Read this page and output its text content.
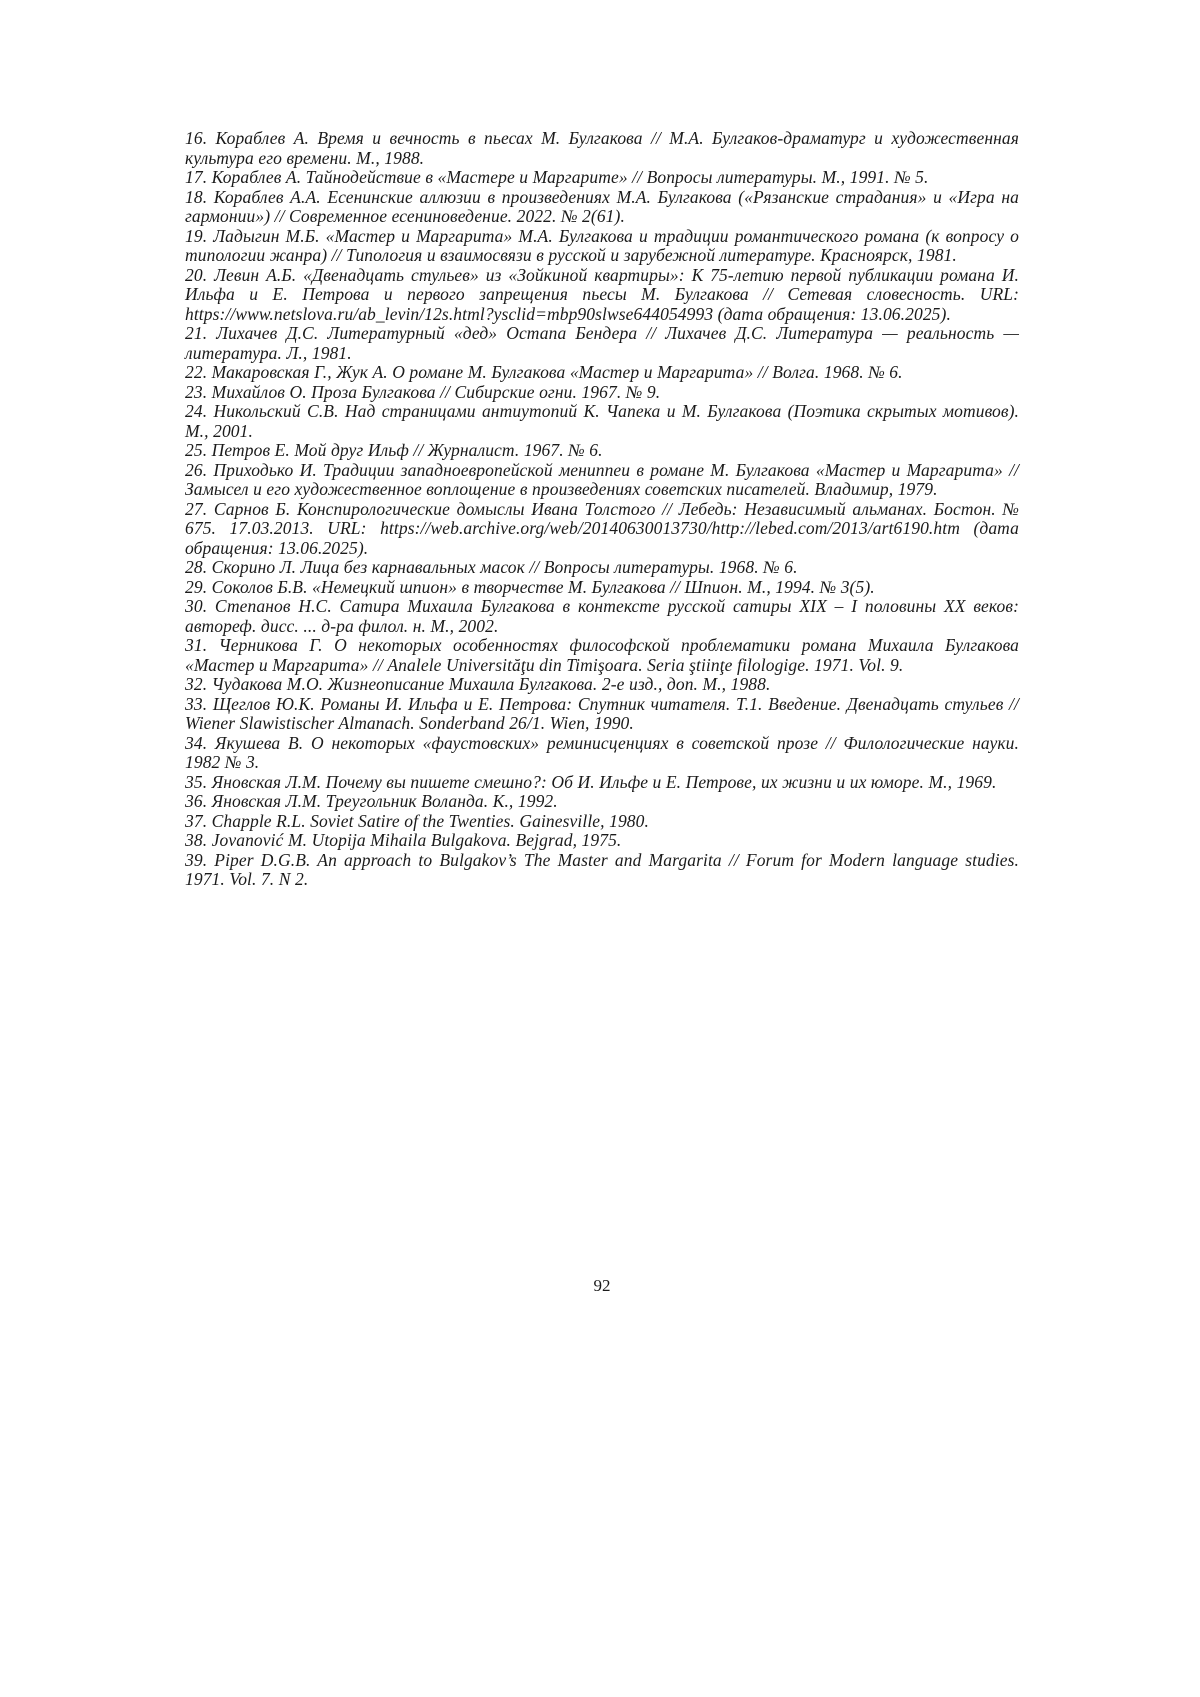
16. Кораблев А. Время и вечность в пьесах М. Булгакова // М.А. Булгаков-драматург и художественная культура его времени. М., 1988.

17. Кораблев А. Тайнодействие в «Мастере и Маргарите» // Вопросы литературы. М., 1991. № 5.

18. Кораблев А.А. Есенинские аллюзии в произведениях М.А. Булгакова («Рязанские страдания» и «Игра на гармонии») // Современное есениноведение. 2022. № 2(61).

19. Ладыгин М.Б. «Мастер и Маргарита» М.А. Булгакова и традиции романтического романа (к вопросу о типологии жанра) // Типология и взаимосвязи в русской и зарубежной литературе. Красноярск, 1981.

20. Левин А.Б. «Двенадцать стульев» из «Зойкиной квартиры»: К 75-летию первой публикации романа И. Ильфа и Е. Петрова и первого запрещения пьесы М. Булгакова // Сетевая словесность. URL: https://www.netslova.ru/ab_levin/12s.html?ysclid=mbp90slwse644054993 (дата обращения: 13.06.2025).

21. Лихачев Д.С. Литературный «дед» Остапа Бендера // Лихачев Д.С. Литература — реальность — литература. Л., 1981.

22. Макаровская Г., Жук А. О романе М. Булгакова «Мастер и Маргарита» // Волга. 1968. № 6.

23. Михайлов О. Проза Булгакова // Сибирские огни. 1967. № 9.

24. Никольский С.В. Над страницами антиутопий К. Чапека и М. Булгакова (Поэтика скрытых мотивов). М., 2001.

25. Петров Е. Мой друг Ильф // Журналист. 1967. № 6.

26. Приходько И. Традиции западноевропейской мениппеи в романе М. Булгакова «Мастер и Маргарита» // Замысел и его художественное воплощение в произведениях советских писателей. Владимир, 1979.

27. Сарнов Б. Конспирологические домыслы Ивана Толстого // Лебедь: Независимый альманах. Бостон. № 675. 17.03.2013. URL: https://web.archive.org/web/20140630013730/http://lebed.com/2013/art6190.htm (дата обращения: 13.06.2025).

28. Скорино Л. Лица без карнавальных масок // Вопросы литературы. 1968. № 6.

29. Соколов Б.В. «Немецкий шпион» в творчестве М. Булгакова // Шпион. М., 1994. № 3(5).

30. Степанов Н.С. Сатира Михаила Булгакова в контексте русской сатиры XIX – I половины XX веков: автореф. дисс. ... д-ра филол. н. М., 2002.

31. Черникова Г. О некоторых особенностях философской проблематики романа Михаила Булгакова «Мастер и Маргарита» // Analele Universităţu din Timişoara. Seria ştiinţe filologige. 1971. Vol. 9.

32. Чудакова М.О. Жизнеописание Михаила Булгакова. 2-е изд., доп. М., 1988.

33. Щеглов Ю.К. Романы И. Ильфа и Е. Петрова: Спутник читателя. Т.1. Введение. Двенадцать стульев // Wiener Slawistischer Almanach. Sonderband 26/1. Wien, 1990.

34. Якушева В. О некоторых «фаустовских» реминисценциях в советской прозе // Филологические науки. 1982 № 3.

35. Яновская Л.М. Почему вы пишете смешно?: Об И. Ильфе и Е. Петрове, их жизни и их юморе. М., 1969.

36. Яновская Л.М. Треугольник Воланда. К., 1992.

37. Chapple R.L. Soviet Satire of the Twenties. Gainesville, 1980.

38. Jovanović M. Utopija Mihaila Bulgakova. Bejgrad, 1975.

39. Piper D.G.B. An approach to Bulgakov’s The Master and Margarita // Forum for Modern language studies. 1971. Vol. 7. N 2.

92
